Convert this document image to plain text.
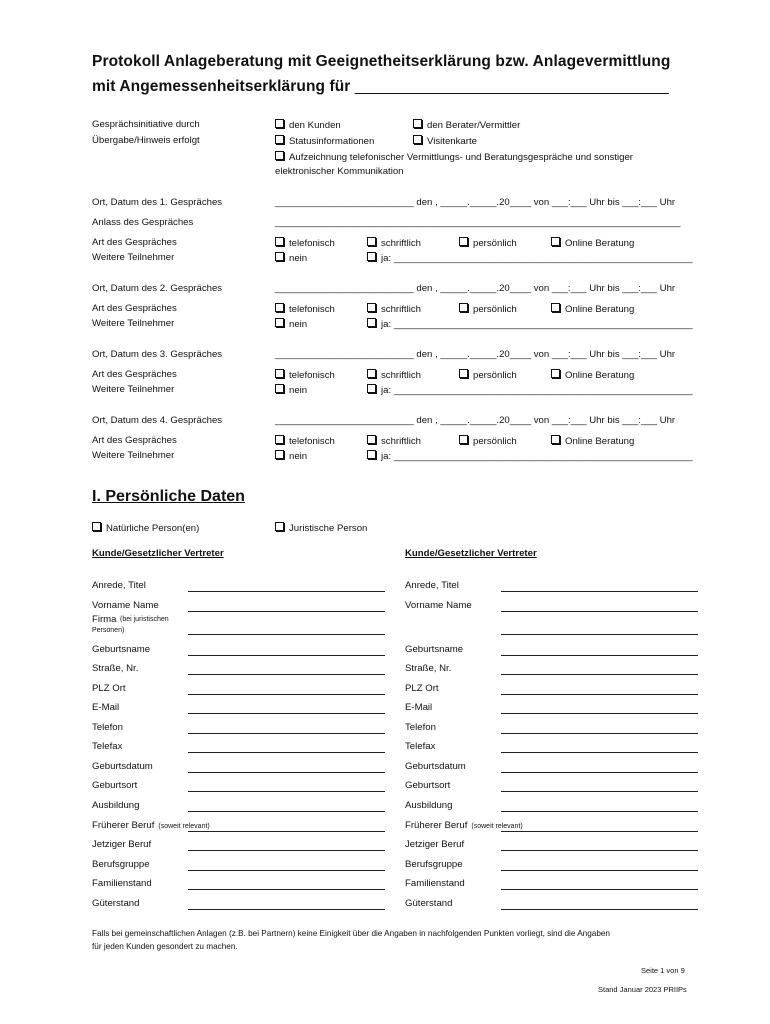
Protokoll Anlageberatung mit Geeignetheitserklärung bzw. Anlagevermittlung
mit Angemessenheitserklärung für ____________________________________
Gesprächsinitiative durch	den Kunden	den Berater/Vermittler
Übergabe/Hinweis erfolgt	Statusinformationen	Visitenkarte
Aufzeichnung telefonischer Vermittlungs- und Beratungsgespräche und sonstiger
elektronischer Kommunikation
Ort, Datum des 1. Gespräches	__________________________ den , _____._____.20____ von ___:___ Uhr bis ___:___ Uhr
Anlass des Gespräches	____________________________________________________________________________
Art des Gespräches	telefonisch	schriftlich	persönlich	Online Beratung
Weitere Teilnehmer	nein	ja: ________________________________________________________
Ort, Datum des 2. Gespräches	__________________________ den , _____._____.20____ von ___:___ Uhr bis ___:___ Uhr
Art des Gespräches	telefonisch	schriftlich	persönlich	Online Beratung
Weitere Teilnehmer	nein	ja: ________________________________________________________
Ort, Datum des 3. Gespräches	__________________________ den , _____._____.20____ von ___:___ Uhr bis ___:___ Uhr
Art des Gespräches	telefonisch	schriftlich	persönlich	Online Beratung
Weitere Teilnehmer	nein	ja: ________________________________________________________
Ort, Datum des 4. Gespräches	__________________________ den , _____._____.20____ von ___:___ Uhr bis ___:___ Uhr
Art des Gespräches	telefonisch	schriftlich	persönlich	Online Beratung
Weitere Teilnehmer	nein	ja: ________________________________________________________
I. Persönliche Daten
Natürliche Person(en)	Juristische Person
Kunde/Gesetzlicher Vertreter	Kunde/Gesetzlicher Vertreter
Anrede, Titel
Vorname Name
Firma (bei juristischen
Personen)
Geburtsname
Straße, Nr.
PLZ Ort
E-Mail
Telefon
Telefax
Geburtsdatum
Geburtsort
Ausbildung
Früherer Beruf (soweit relevant)
Jetziger Beruf
Berufsgruppe
Familienstand
Güterstand
Anrede, Titel
Vorname Name
Geburtsname
Straße, Nr.
PLZ Ort
E-Mail
Telefon
Telefax
Geburtsdatum
Geburtsort
Ausbildung
Früherer Beruf (soweit relevant)
Jetziger Beruf
Berufsgruppe
Familienstand
Güterstand
Falls bei gemeinschaftlichen Anlagen (z.B. bei Partnern) keine Einigkeit über die Angaben in nachfolgenden Punkten vorliegt, sind die Angaben
für jeden Kunden gesondert zu machen.
Seite 1 von 9
Stand Januar 2023 PRIIPs
